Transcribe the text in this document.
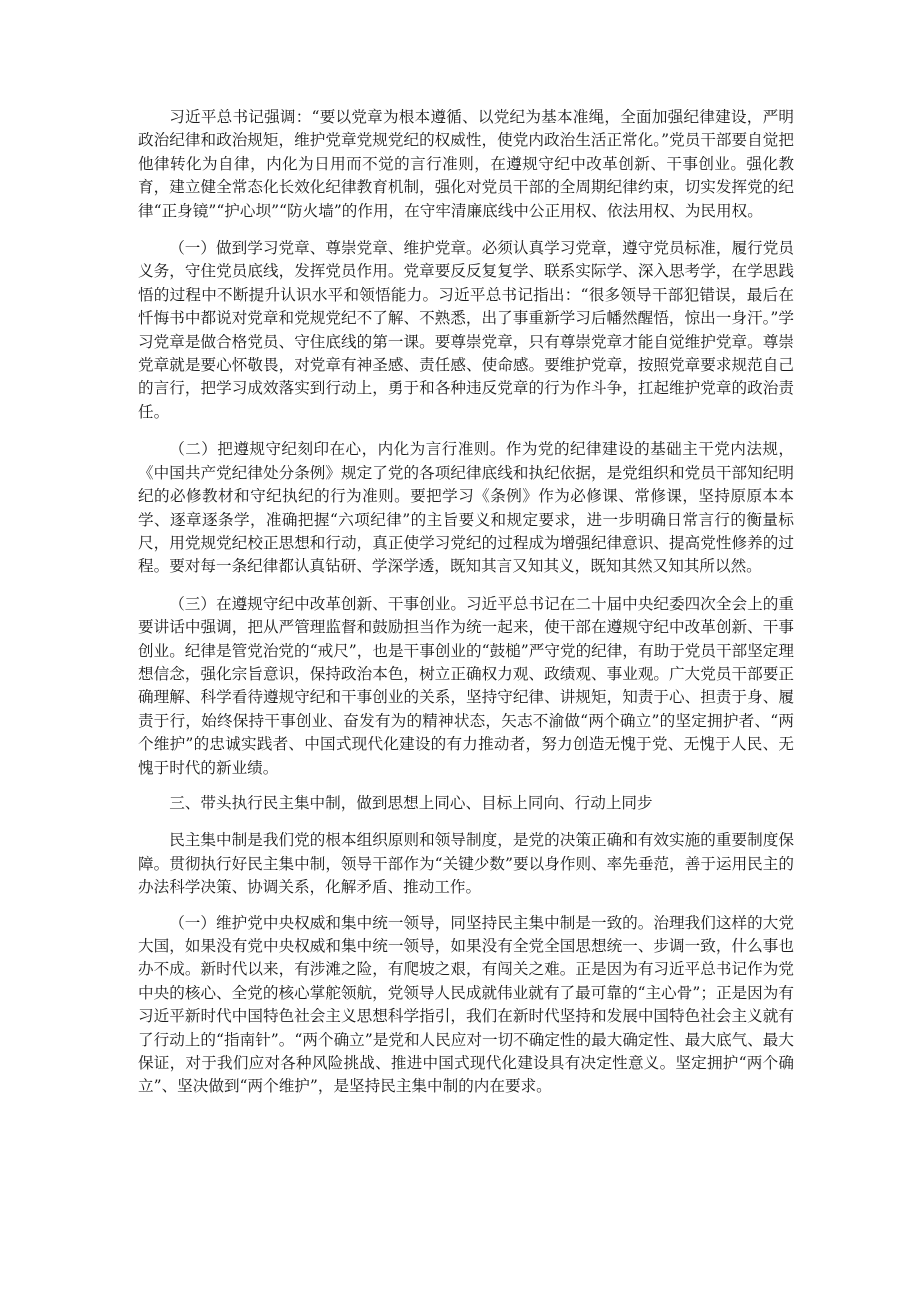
习近平总书记强调：“要以党章为根本遵循、以党纪为基本准绳，全面加强纪律建设，严明政治纪律和政治规矩，维护党章党规党纪的权威性，使党内政治生活正常化。”党员干部要自觉把他律转化为自律，内化为日用而不觉的言行准则，在遵规守纪中改革创新、干事创业。强化教育，建立健全常态化长效化纪律教育机制，强化对党员干部的全周期纪律约束，切实发挥党的纪律“正身镜”“护心坝”“防火墙”的作用，在守牢清廉底线中公正用权、依法用权、为民用权。

（一）做到学习党章、尊崇党章、维护党章。必须认真学习党章，遵守党员标准，履行党员义务，守住党员底线，发挥党员作用。党章要反反复复学、联系实际学、深入思考学，在学思践悟的过程中不断提升认识水平和领悟能力。习近平总书记指出：“很多领导干部犯错误，最后在忏悔书中都说对党章和党规党纪不了解、不熟悉，出了事重新学习后幡然醒悟，惊出一身汗。”学习党章是做合格党员、守住底线的第一课。要尊崇党章，只有尊崇党章才能自觉维护党章。尊崇党章就是要心怀敬畏，对党章有神圣感、责任感、使命感。要维护党章，按照党章要求规范自己的言行，把学习成效落实到行动上，勇于和各种违反党章的行为作斗争，扛起维护党章的政治责任。

（二）把遵规守纪刻印在心，内化为言行准则。作为党的纪律建设的基础主干党内法规，《中国共产党纪律处分条例》规定了党的各项纪律底线和执纪依据，是党组织和党员干部知纪明纪的必修教材和守纪执纪的行为准则。要把学习《条例》作为必修课、常修课，坚持原原本本学、逐章逐条学，准确把握“六项纪律”的主旨要义和规定要求，进一步明确日常言行的衡量标尺，用党规党纪校正思想和行动，真正使学习党纪的过程成为增强纪律意识、提高党性修养的过程。要对每一条纪律都认真钻研、学深学透，既知其言又知其义，既知其然又知其所以然。

（三）在遵规守纪中改革创新、干事创业。习近平总书记在二十届中央纪委四次全会上的重要讲话中强调，把从严管理监督和鼓励担当作为统一起来，使干部在遵规守纪中改革创新、干事创业。纪律是管党治党的“戒尺”，也是干事创业的“鼓槌”严守党的纪律，有助于党员干部坚定理想信念，强化宗旨意识，保持政治本色，树立正确权力观、政绩观、事业观。广大党员干部要正确理解、科学看待遵规守纪和干事创业的关系，坚持守纪律、讲规矩，知责于心、担责于身、履责于行，始终保持干事创业、奋发有为的精神状态，矢志不渝做“两个确立”的坚定拥护者、“两个维护”的忠诚实践者、中国式现代化建设的有力推动者，努力创造无愧于党、无愧于人民、无愧于时代的新业绩。

三、带头执行民主集中制，做到思想上同心、目标上同向、行动上同步

民主集中制是我们党的根本组织原则和领导制度，是党的决策正确和有效实施的重要制度保障。贯彻执行好民主集中制，领导干部作为“关键少数”要以身作则、率先垂范，善于运用民主的办法科学决策、协调关系，化解矛盾、推动工作。

（一）维护党中央权威和集中统一领导，同坚持民主集中制是一致的。治理我们这样的大党大国，如果没有党中央权威和集中统一领导，如果没有全党全国思想统一、步调一致，什么事也办不成。新时代以来，有涉滩之险，有爬坡之艰，有闯关之难。正是因为有习近平总书记作为党中央的核心、全党的核心掌舵领航，党领导人民成就伟业就有了最可靠的“主心骨”；正是因为有习近平新时代中国特色社会主义思想科学指引，我们在新时代坚持和发展中国特色社会主义就有了行动上的“指南针”。“两个确立”是党和人民应对一切不确定性的最大确定性、最大底气、最大保证，对于我们应对各种风险挑战、推进中国式现代化建设具有决定性意义。坚定拥护“两个确立”、坚决做到“两个维护”，是坚持民主集中制的内在要求。
